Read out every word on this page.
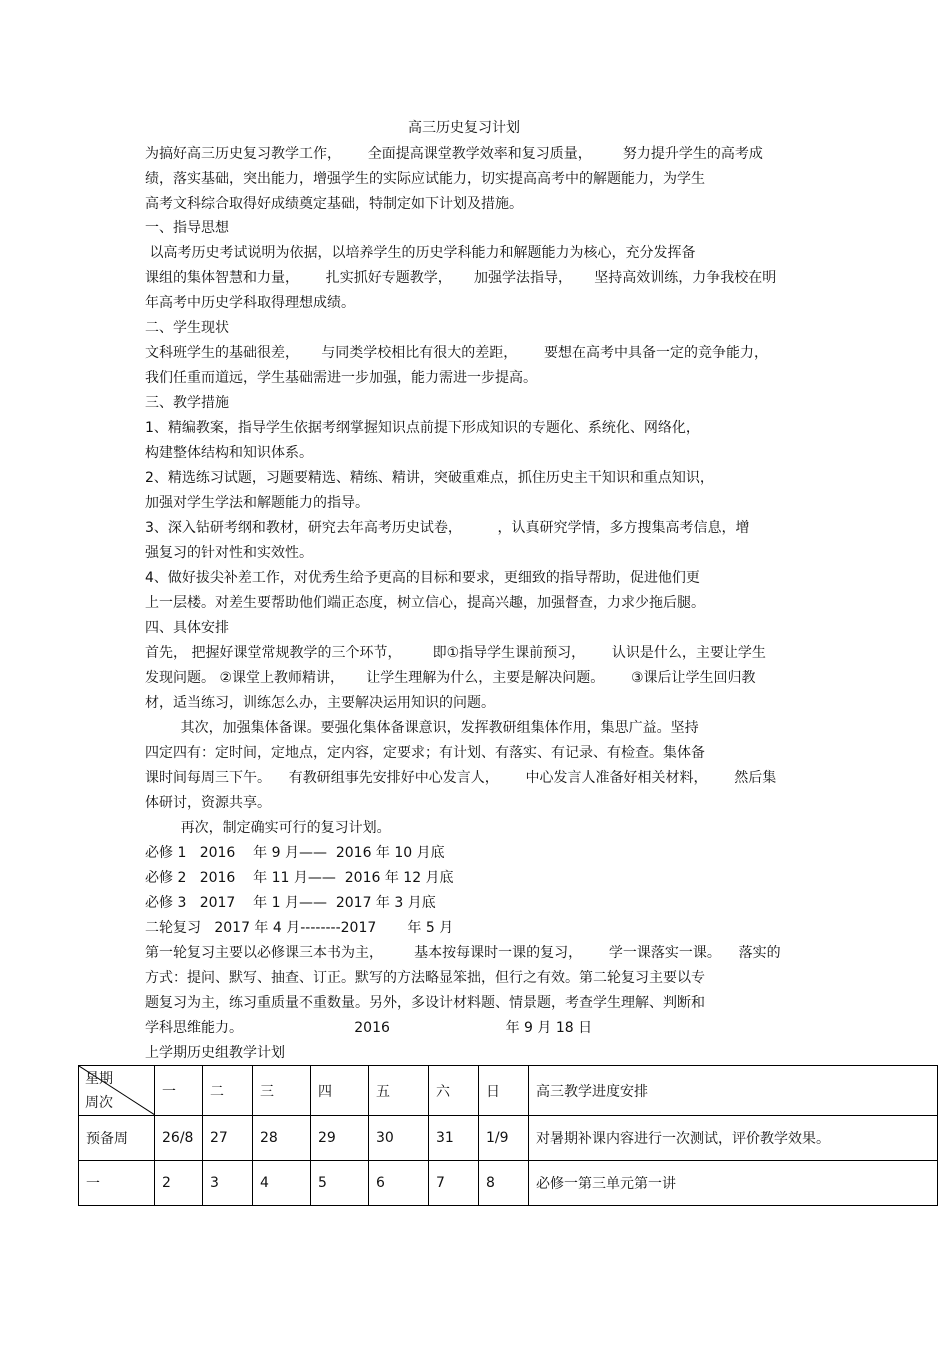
高三历史复习计划
为搞好高三历史复习教学工作，      全面提高课堂教学效率和复习质量，       努力提升学生的高考成
绩，落实基础，突出能力，增强学生的实际应试能力，切实提高高考中的解题能力，为学生
高考文科综合取得好成绩奠定基础，特制定如下计划及措施。
一、指导思想
以高考历史考试说明为依据，以培养学生的历史学科能力和解题能力为核心，充分发挥备
课组的集体智慧和力量，      扎实抓好专题教学，     加强学法指导，     坚持高效训练，力争我校在明
年高考中历史学科取得理想成绩。
二、学生现状
文科班学生的基础很差，     与同类学校相比有很大的差距，      要想在高考中具备一定的竞争能力，
我们任重而道远，学生基础需进一步加强，能力需进一步提高。
三、教学措施
1、精编教案，指导学生依据考纲掌握知识点前提下形成知识的专题化、系统化、网络化，
构建整体结构和知识体系。
2、精选练习试题，习题要精选、精练、精讲，突破重难点，抓住历史主干知识和重点知识，
加强对学生学法和解题能力的指导。
3、深入钻研考纲和教材，研究去年高考历史试卷，        ，认真研究学情，多方搜集高考信息，增
强复习的针对性和实效性。
4、做好拔尖补差工作，对优秀生给予更高的目标和要求，更细致的指导帮助，促进他们更
上一层楼。对差生要帮助他们端正态度，树立信心，提高兴趣，加强督查，力求少拖后腿。
四、具体安排
首先， 把握好课堂常规教学的三个环节，       即①指导学生课前预习，      认识是什么，主要让学生
发现问题。 ②课堂上教师精讲，     让学生理解为什么，主要是解决问题。      ③课后让学生回归教
材，适当练习，训练怎么办，主要解决运用知识的问题。
其次，加强集体备课。要强化集体备课意识，发挥教研组集体作用，集思广益。坚持
四定四有：定时间，定地点，定内容，定要求；有计划、有落实、有记录、有检查。集体备
课时间每周三下午。    有教研组事先安排好中心发言人，      中心发言人准备好相关材料，      然后集
体研讨，资源共享。
再次，制定确实可行的复习计划。
必修 1   2016    年 9 月——  2016 年 10 月底
必修 2   2016    年 11 月——  2016 年 12 月底
必修 3   2017    年 1 月——  2017 年 3 月底
二轮复习   2017 年 4 月--------2017       年 5 月
第一轮复习主要以必修课三本书为主，       基本按每课时一课的复习，      学一课落实一课。    落实的
方式：提问、默写、抽查、订正。默写的方法略显笨拙，但行之有效。第二轮复习主要以专
题复习为主，练习重质量不重数量。另外，多设计材料题、情景题，考查学生理解、判断和
学科思维能力。                         2016                          年 9 月 18 日
上学期历史组教学计划
星期
周次	一	二	三	四	五	六	日	高三教学进度安排
预备周	26/8	27	28	29	30	31	1/9	对暑期补课内容进行一次测试，评价教学效果。
一	2	3	4	5	6	7	8	必修一第三单元第一讲
